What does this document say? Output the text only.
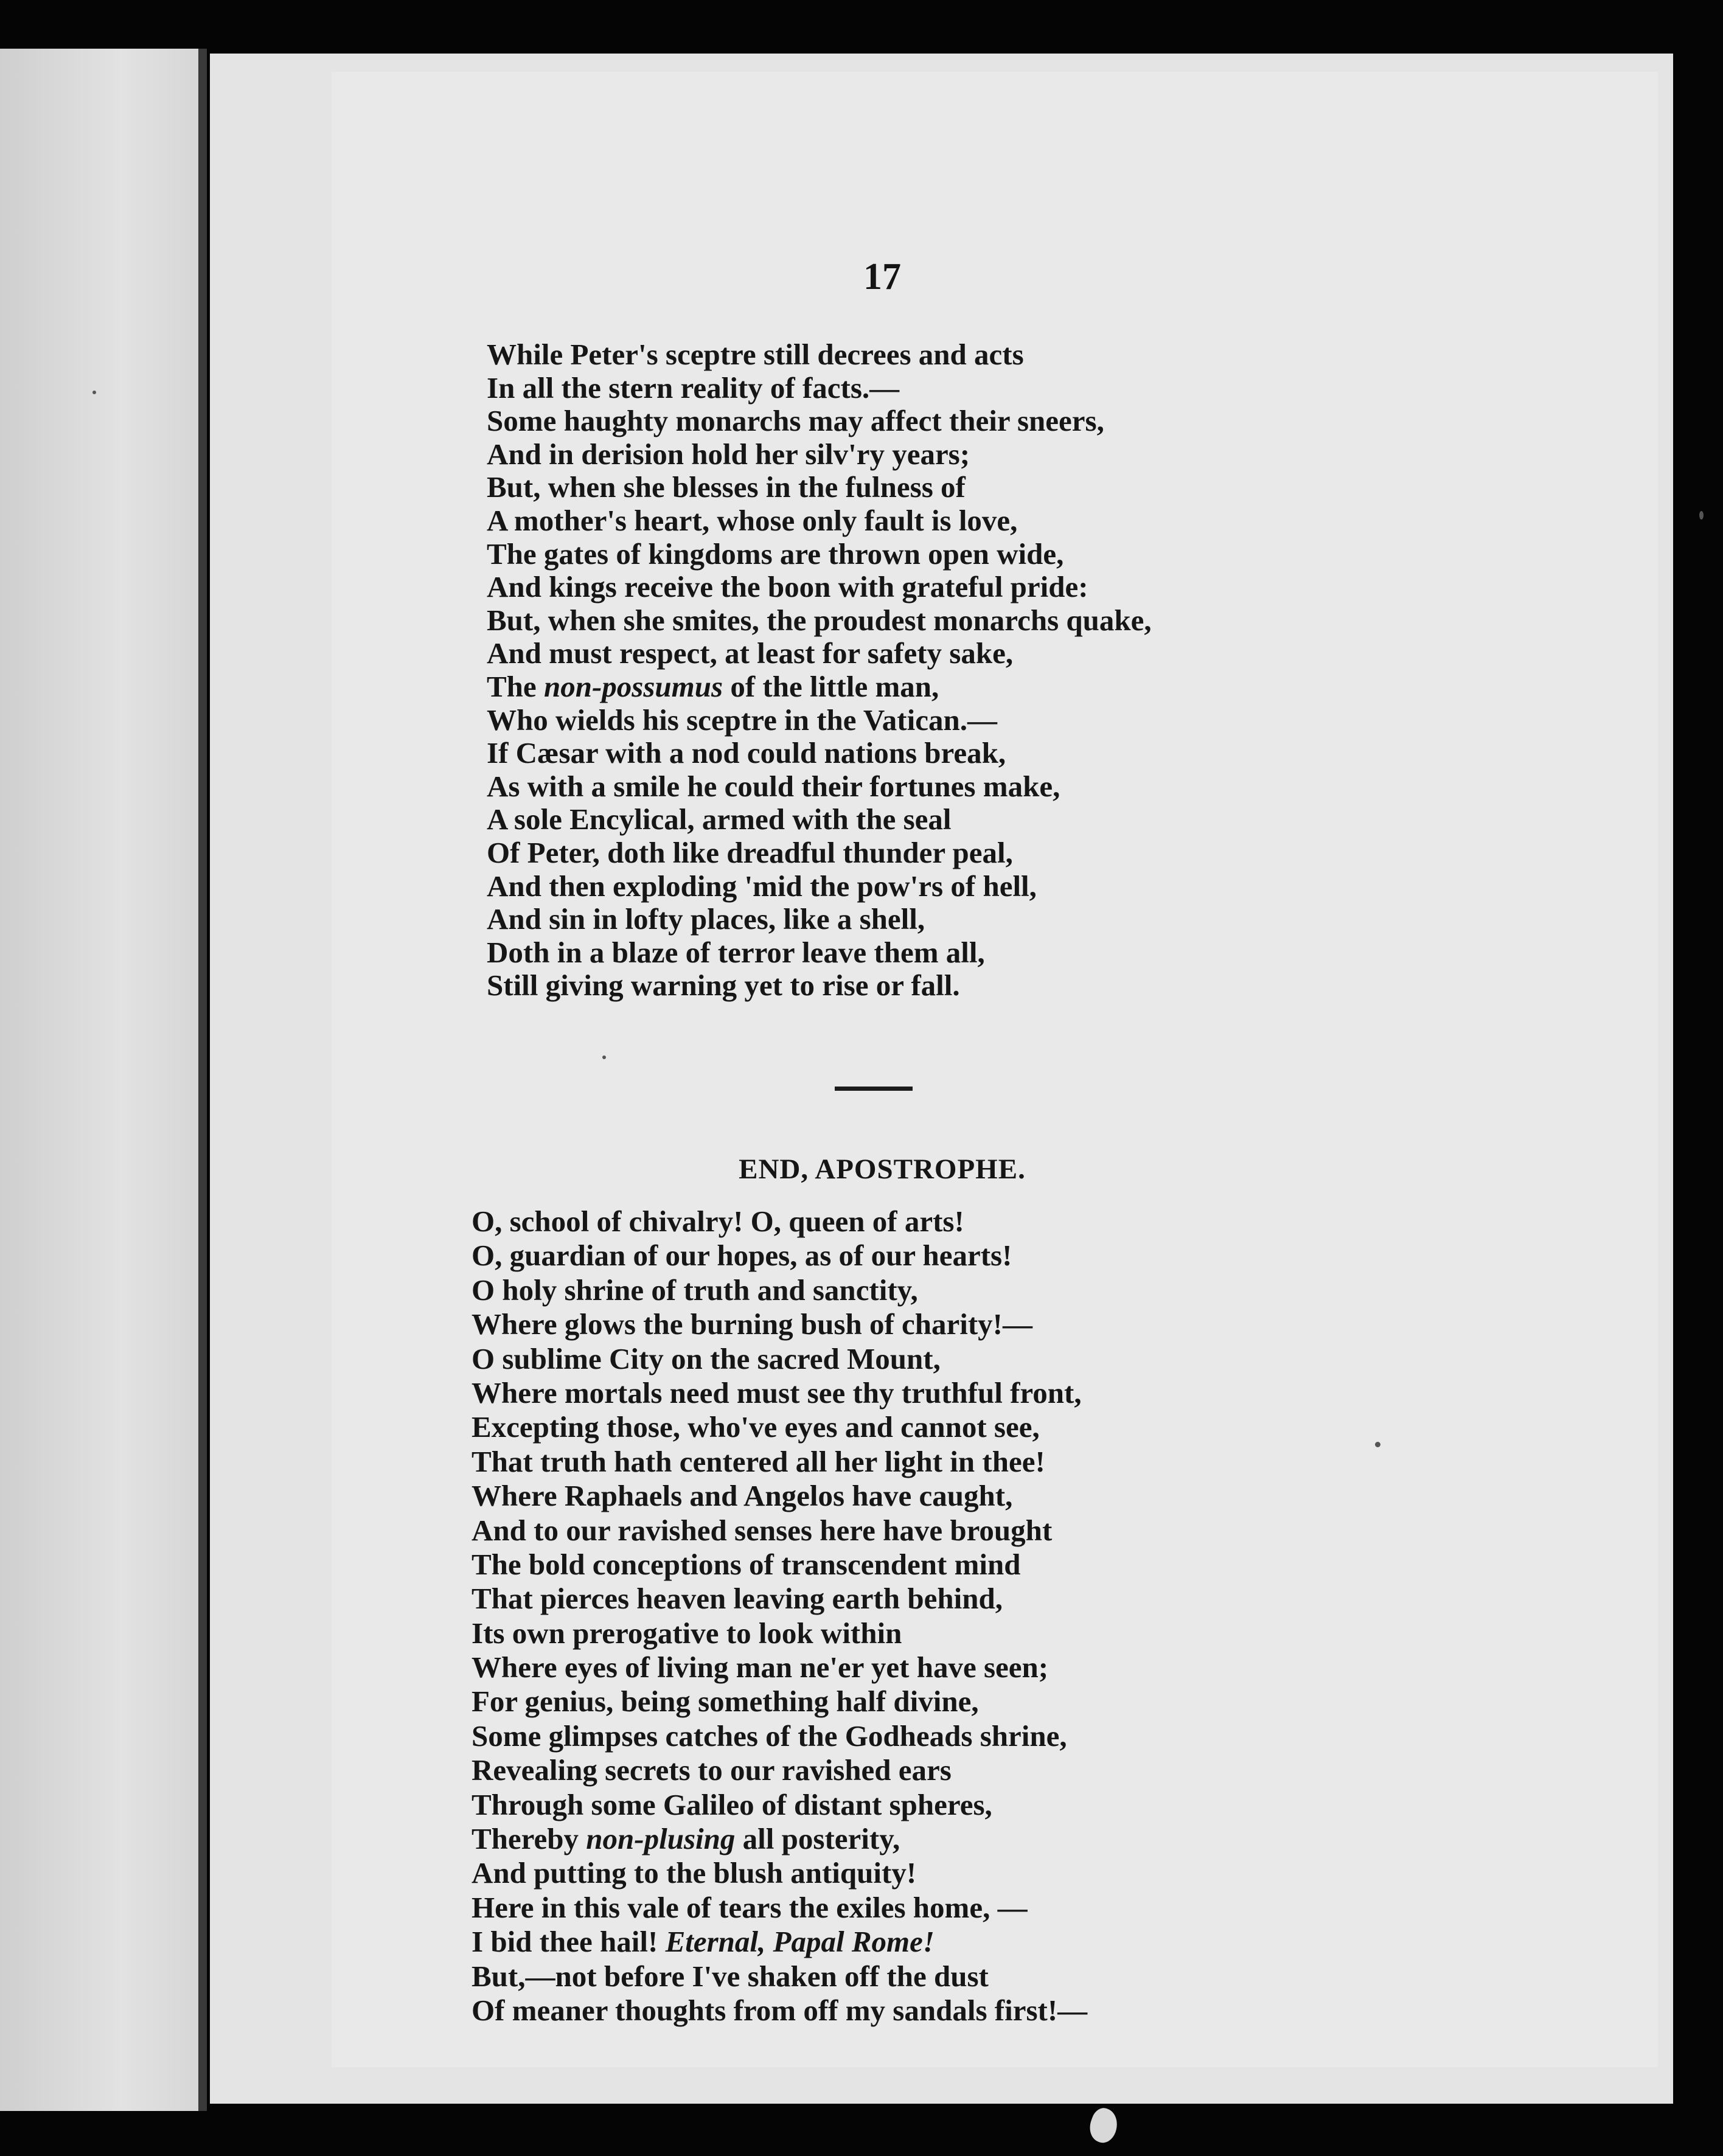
17
While Peter's sceptre still decrees and acts
In all the stern reality of facts.—
Some haughty monarchs may affect their sneers,
And in derision hold her silv'ry years;
But, when she blesses in the fulness of
A mother's heart, whose only fault is love,
The gates of kingdoms are thrown open wide,
And kings receive the boon with grateful pride:
But, when she smites, the proudest monarchs quake,
And must respect, at least for safety sake,
The non-possumus of the little man,
Who wields his sceptre in the Vatican.—
If Cæsar with a nod could nations break,
As with a smile he could their fortunes make,
A sole Encylical, armed with the seal
Of Peter, doth like dreadful thunder peal,
And then exploding 'mid the pow'rs of hell,
And sin in lofty places, like a shell,
Doth in a blaze of terror leave them all,
Still giving warning yet to rise or fall.
END, APOSTROPHE.
O, school of chivalry! O, queen of arts!
O, guardian of our hopes, as of our hearts!
O holy shrine of truth and sanctity,
Where glows the burning bush of charity!—
O sublime City on the sacred Mount,
Where mortals need must see thy truthful front,
Excepting those, who've eyes and cannot see,
That truth hath centered all her light in thee!
Where Raphaels and Angelos have caught,
And to our ravished senses here have brought
The bold conceptions of transcendent mind
That pierces heaven leaving earth behind,
Its own prerogative to look within
Where eyes of living man ne'er yet have seen;
For genius, being something half divine,
Some glimpses catches of the Godheads shrine,
Revealing secrets to our ravished ears
Through some Galileo of distant spheres,
Thereby non-plusing all posterity,
And putting to the blush antiquity!
Here in this vale of tears the exiles home, —
I bid thee hail! Eternal, Papal Rome!
But,—not before I've shaken off the dust
Of meaner thoughts from off my sandals first!—
